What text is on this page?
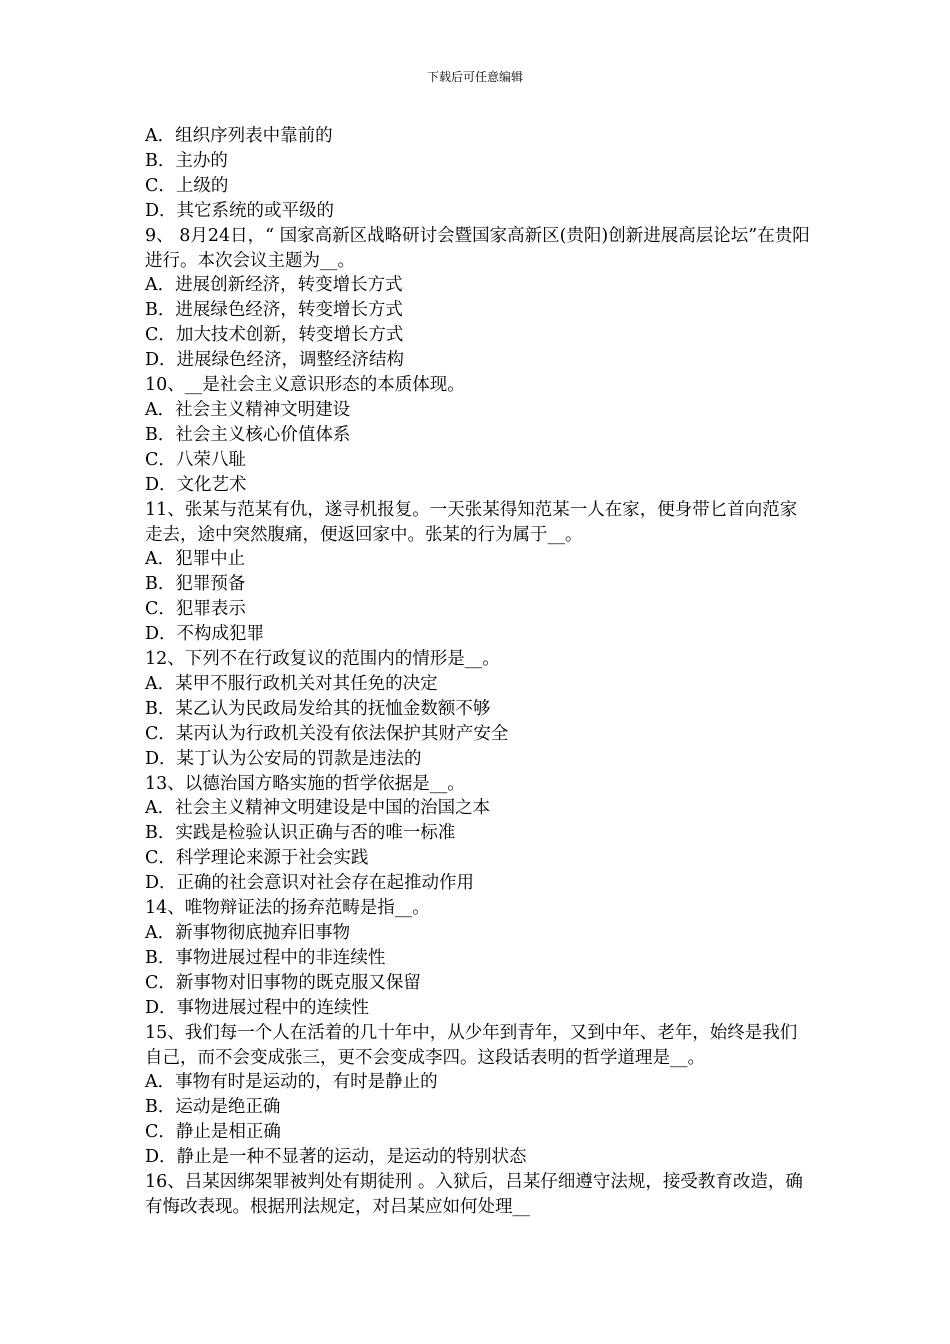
下载后可任意编辑

A．组织序列表中靠前的

B．主办的

C．上级的

D．其它系统的或平级的

9、 8月24日，“ 国家高新区战略研讨会暨国家高新区(贵阳)创新进展高层论坛”在贵阳进行。本次会议主题为__。

A．进展创新经济，转变增长方式

B．进展绿色经济，转变增长方式

C．加大技术创新，转变增长方式

D．进展绿色经济，调整经济结构

10、__是社会主义意识形态的本质体现。

A．社会主义精神文明建设

B．社会主义核心价值体系

C．八荣八耻

D．文化艺术

11、张某与范某有仇，遂寻机报复。一天张某得知范某一人在家，便身带匕首向范家走去，途中突然腹痛，便返回家中。张某的行为属于__。

A．犯罪中止

B．犯罪预备

C．犯罪表示

D．不构成犯罪

12、下列不在行政复议的范围内的情形是__。

A．某甲不服行政机关对其任免的决定

B．某乙认为民政局发给其的抚恤金数额不够

C．某丙认为行政机关没有依法保护其财产安全

D．某丁认为公安局的罚款是违法的

13、以德治国方略实施的哲学依据是__。

A．社会主义精神文明建设是中国的治国之本

B．实践是检验认识正确与否的唯一标准

C．科学理论来源于社会实践

D．正确的社会意识对社会存在起推动作用

14、唯物辩证法的扬弃范畴是指__。

A．新事物彻底抛弃旧事物

B．事物进展过程中的非连续性

C．新事物对旧事物的既克服又保留

D．事物进展过程中的连续性

15、我们每一个人在活着的几十年中，从少年到青年，又到中年、老年，始终是我们自己，而不会变成张三，更不会变成李四。这段话表明的哲学道理是__。

A．事物有时是运动的，有时是静止的

B．运动是绝正确

C．静止是相正确

D．静止是一种不显著的运动，是运动的特别状态

16、吕某因绑架罪被判处有期徒刑 。入狱后，吕某仔细遵守法规，接受教育改造，确有悔改表现。根据刑法规定，对吕某应如何处理__
